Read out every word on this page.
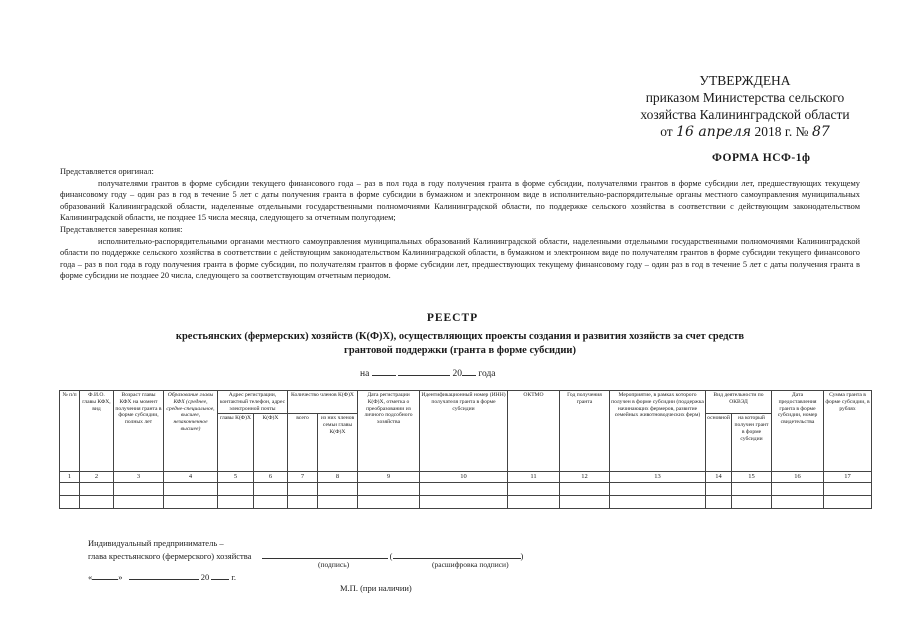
УТВЕРЖДЕНА
приказом Министерства сельского
хозяйства Калининградской области
от 16 апреля 2018 г. № 87
ФОРМА НСФ-1ф

Представляется оригинал:

получателями грантов в форме субсидии текущего финансового года – раз в пол года в году получения гранта в форме субсидии, получателями грантов в форме субсидии лет, предшествующих текущему финансовому году – один раз в год в течение 5 лет с даты получения гранта в форме субсидии в бумажном и электронном виде в исполнительно-распорядительные органы местного самоуправления муниципальных образований Калининградской области, наделенные отдельными государственными полномочиями Калининградской области, по поддержке сельского хозяйства в соответствии с действующим законодательством Калининградской области, не позднее 15 числа месяца, следующего за отчетным полугодием;

Представляется заверенная копия:

исполнительно-распорядительными органами местного самоуправления муниципальных образований Калининградской области, наделенными отдельными государственными полномочиями Калининградской области по поддержке сельского хозяйства в соответствии с действующим законодательством Калининградской области, в бумажном и электронном виде по получателям грантов в форме субсидии текущего финансового года – раз в пол года в году получения гранта в форме субсидии, по получателям грантов в форме субсидии лет, предшествующих текущему финансовому году – один раз в год в течение 5 лет с даты получения гранта в форме субсидии не позднее 20 числа, следующего за соответствующим отчетным периодом.

РЕЕСТР
крестьянских (фермерских) хозяйств (К(Ф)Х), осуществляющих проекты создания и развития хозяйств за счет средств грантовой поддержки (гранта в форме субсидии)
на	20 года
№ п/п	Ф.И.О. главы КФХ, вид	Возраст главы КФХ на момент получения гранта в форме субсидии, полных лет	Образование главы КФХ (среднее, средне-специальное, высшее, незаконченное высшее)	Адрес регистрации, контактный телефон, адрес электронной почты		Количество членов К(Ф)Х		Дата регистрации К(Ф)Х, отметка о преобразовании из личного подсобного хозяйства	Идентификационный номер (ИНН) получателя гранта в форме субсидии	ОКТМО	Год получения гранта	Мероприятие, в рамках которого получен в форме субсидии (поддержка начинающих фермеров, развитие семейных животноводческих ферм)	Вид деятельности по ОКВЭД		Дата предоставления гранта в форме субсидии, номер свидетельства	Сумма гранта в форме субсидии, в рублях
				главы К(Ф)Х	К(Ф)Х	всего	из них членов семьи главы К(Ф)Х						основной	на который получен грант в форме субсидии		
1	2	3	4	5	6	7	8	9	10	11	12	13	14	15	16	17

Индивидуальный предприниматель –
глава крестьянского (фермерского) хозяйства	(	)
(подпись)	(расшифровка подписи)
«	»	20	г.
М.П. (при наличии)
